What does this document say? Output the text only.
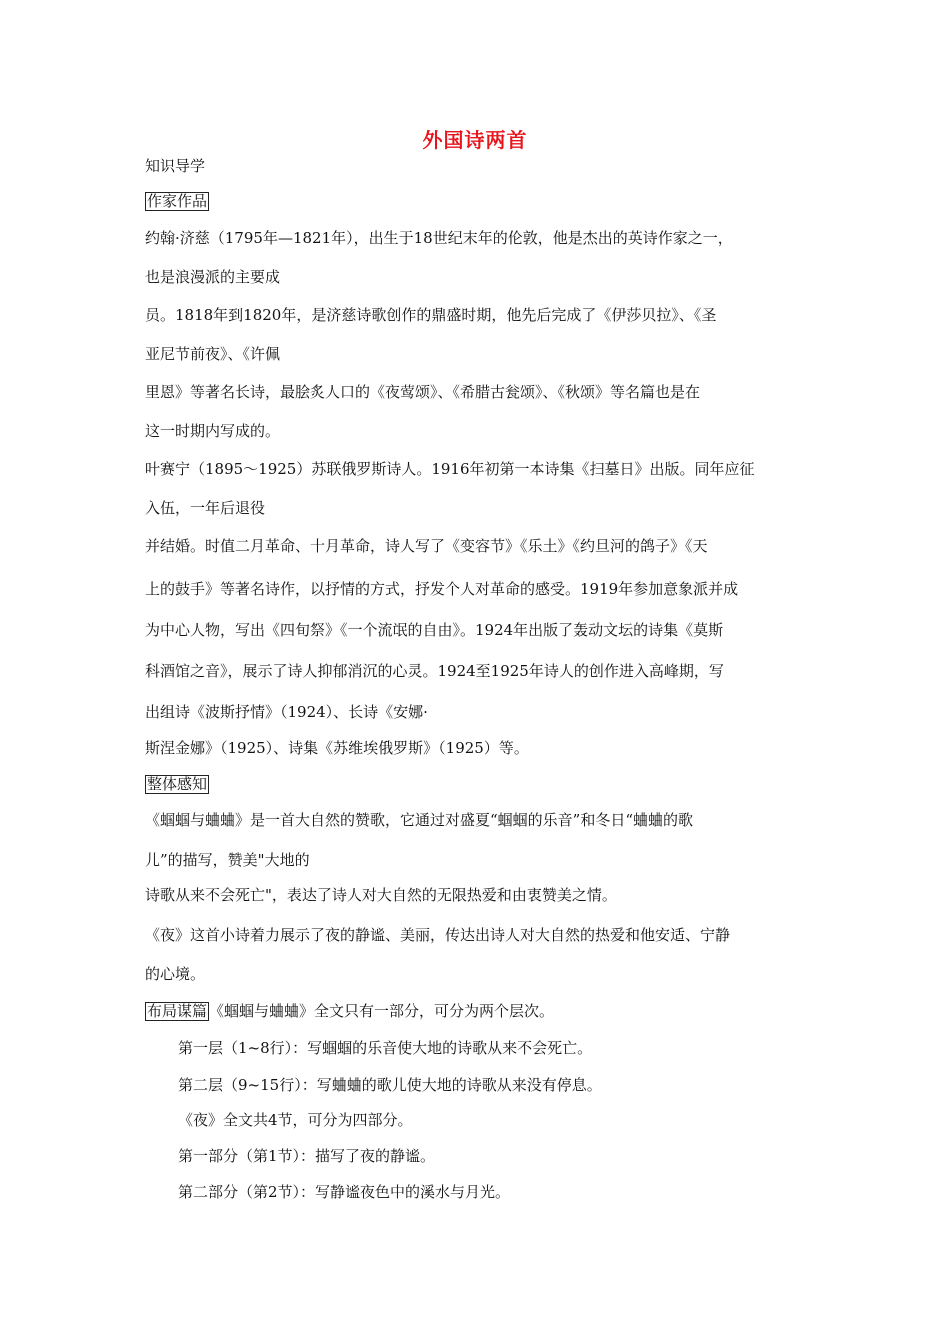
外国诗两首
知识导学
作家作品
约翰·济慈（1795年—1821年），出生于18世纪末年的伦敦，他是杰出的英诗作家之一，
也是浪漫派的主要成
员。1818年到1820年，是济慈诗歌创作的鼎盛时期，他先后完成了《伊莎贝拉》、《圣
亚尼节前夜》、《许佩
里恩》等著名长诗，最脍炙人口的《夜莺颂》、《希腊古瓮颂》、《秋颂》等名篇也是在
这一时期内写成的。
叶赛宁（1895～1925）苏联俄罗斯诗人。1916年初第一本诗集《扫墓日》出版。同年应征
入伍，一年后退役
并结婚。时值二月革命、十月革命，诗人写了《变容节》《乐土》《约旦河的鸽子》《天
上的鼓手》等著名诗作，以抒情的方式，抒发个人对革命的感受。1919年参加意象派并成
为中心人物，写出《四旬祭》《一个流氓的自由》。1924年出版了轰动文坛的诗集《莫斯
科酒馆之音》，展示了诗人抑郁消沉的心灵。1924至1925年诗人的创作进入高峰期，写
出组诗《波斯抒情》（1924）、长诗《安娜·
斯涅金娜》（1925）、诗集《苏维埃俄罗斯》（1925）等。
整体感知
《蝈蝈与蛐蛐》是一首大自然的赞歌，它通过对盛夏“蝈蝈的乐音”和冬日“蛐蛐的歌
儿”的描写，赞美"大地的
诗歌从来不会死亡"，表达了诗人对大自然的无限热爱和由衷赞美之情。
《夜》这首小诗着力展示了夜的静谧、美丽，传达出诗人对大自然的热爱和他安适、宁静
的心境。
布局谋篇 《蝈蝈与蛐蛐》全文只有一部分，可分为两个层次。
第一层（1~8行）：写蝈蝈的乐音使大地的诗歌从来不会死亡。
第二层（9~15行）：写蛐蛐的歌儿使大地的诗歌从来没有停息。
《夜》全文共4节，可分为四部分。
第一部分（第1节）：描写了夜的静谧。
第二部分（第2节）：写静谧夜色中的溪水与月光。
